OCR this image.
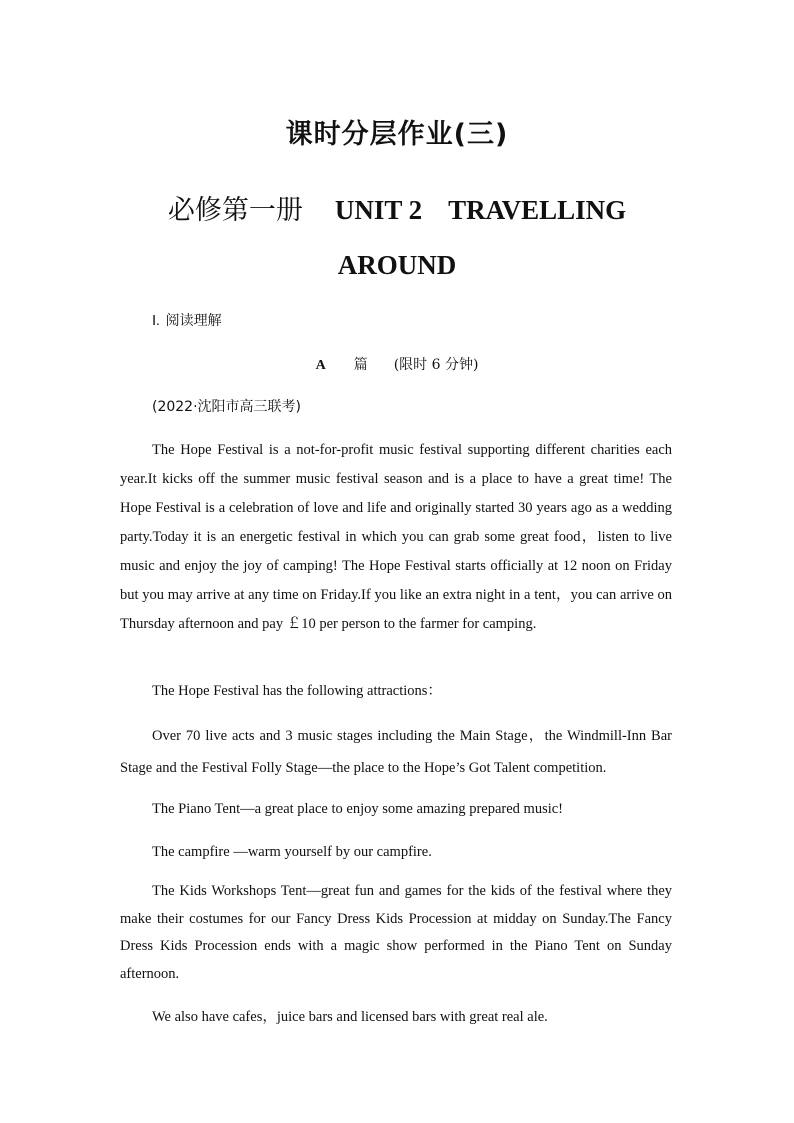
课时分层作业(三)
必修第一册 UNIT 2 TRAVELLING AROUND
Ⅰ. 阅读理解
A 篇 (限时 6 分钟)
(2022·沈阳市高三联考)

The Hope Festival is a not-for-profit music festival supporting different charities each year.It kicks off the summer music festival season and is a place to have a great time! The Hope Festival is a celebration of love and life and originally started 30 years ago as a wedding party.Today it is an energetic festival in which you can grab some great food，listen to live music and enjoy the joy of camping! The Hope Festival starts officially at 12 noon on Friday but you may arrive at any time on Friday.If you like an extra night in a tent，you can arrive on Thursday afternoon and pay ￡10 per person to the farmer for camping.

The Hope Festival has the following attractions：

Over 70 live acts and 3 music stages including the Main Stage，the Windmill-Inn Bar Stage and the Festival Folly Stage—the place to the Hope’s Got Talent competition.

The Piano Tent—a great place to enjoy some amazing prepared music!

The campfire —warm yourself by our campfire.

The Kids Workshops Tent—great fun and games for the kids of the festival where they make their costumes for our Fancy Dress Kids Procession at midday on Sunday.The Fancy Dress Kids Procession ends with a magic show performed in the Piano Tent on Sunday afternoon.

We also have cafes，juice bars and licensed bars with great real ale.
